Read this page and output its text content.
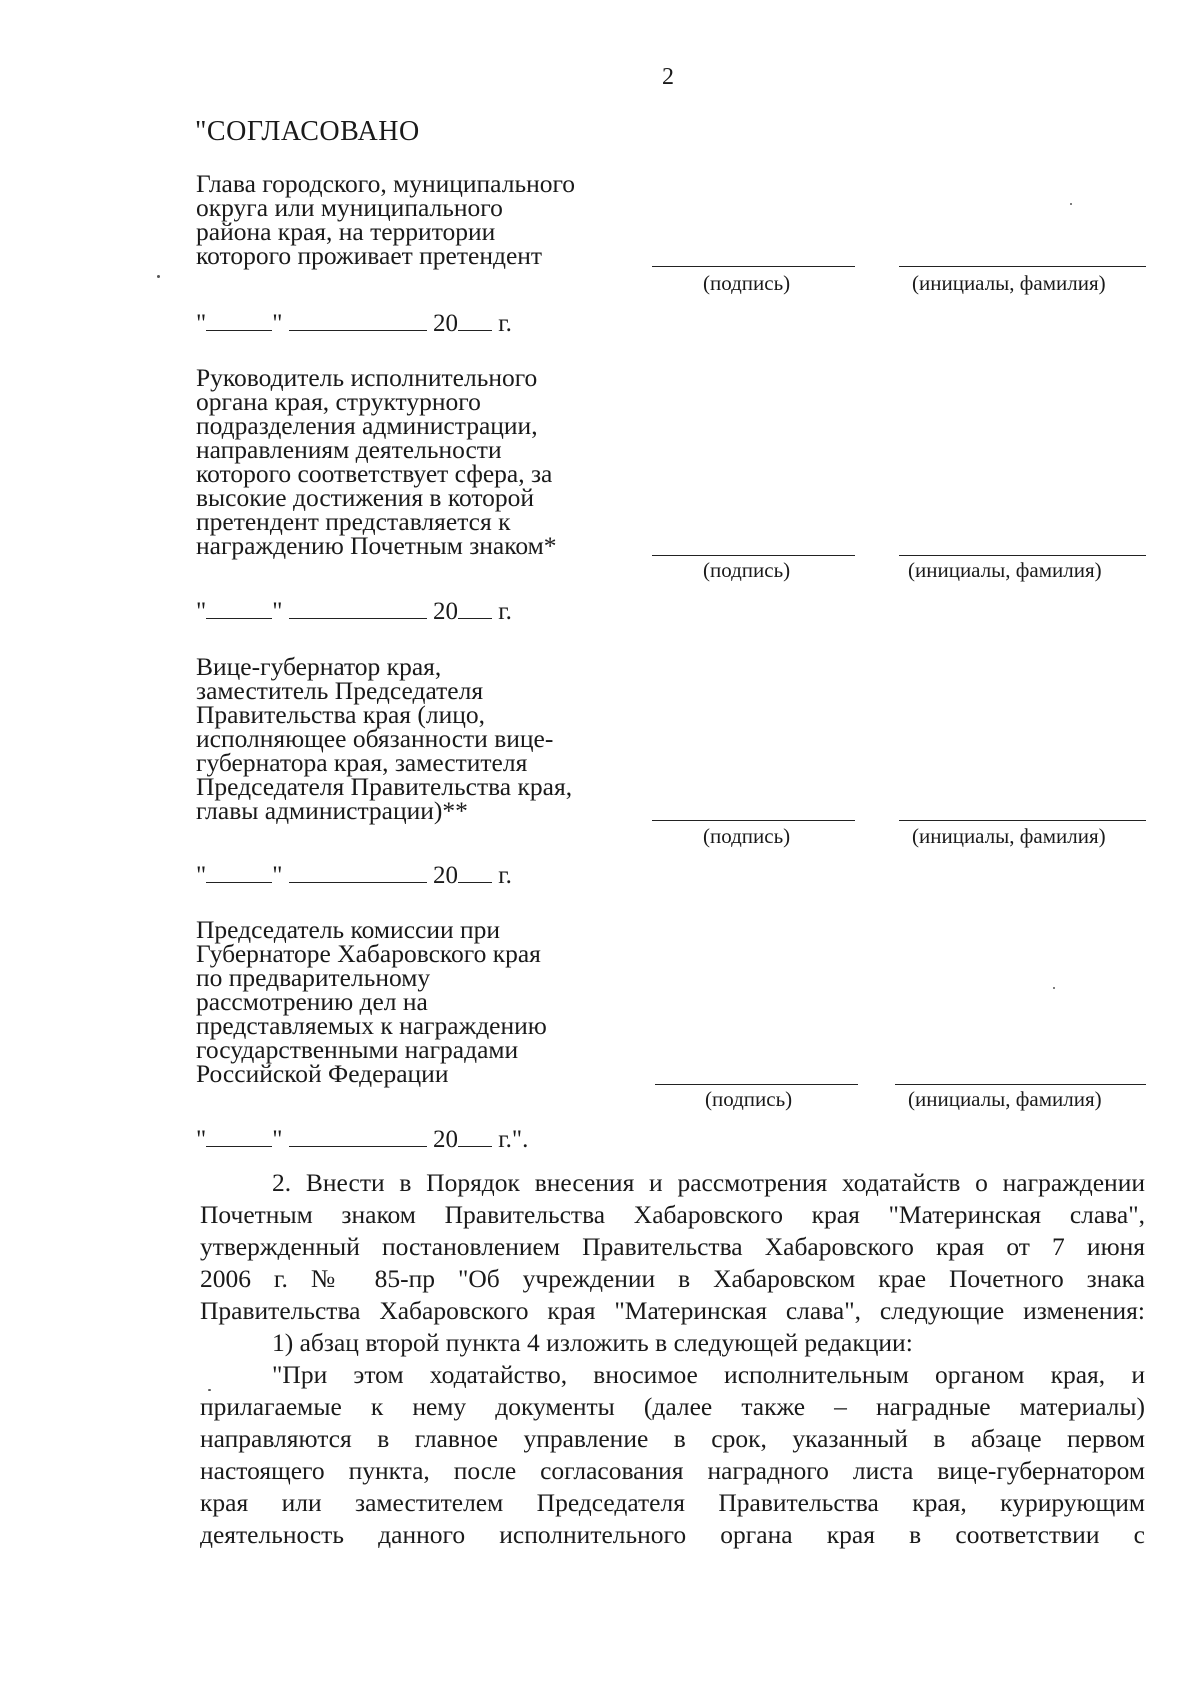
2
"СОГЛАСОВАНО
Глава городского, муниципального
округа или муниципального
района края, на территории
которого проживает претендент
(подпись)	(инициалы, фамилия)
"	"	20 г.
Руководитель исполнительного
органа края, структурного
подразделения администрации,
направлениям деятельности
которого соответствует сфера, за
высокие достижения в которой
претендент представляется к
награждению Почетным знаком*
(подпись)	(инициалы, фамилия)
"	"	20 г.
Вице-губернатор края,
заместитель Председателя
Правительства края (лицо,
исполняющее обязанности вице-
губернатора края, заместителя
Председателя Правительства края,
главы администрации)**
(подпись)	(инициалы, фамилия)
"	"	20 г.
Председатель комиссии при
Губернаторе Хабаровского края
по предварительному
рассмотрению дел на
представляемых к награждению
государственными наградами
Российской Федерации
(подпись)	(инициалы, фамилия)
"	"	20 г.".
2. Внести в Порядок внесения и рассмотрения ходатайств о награждении
Почетным знаком Правительства Хабаровского края "Материнская слава",
утвержденный постановлением Правительства Хабаровского края от 7 июня
2006 г. № 85-пр "Об учреждении в Хабаровском крае Почетного знака
Правительства Хабаровского края "Материнская слава", следующие изменения:
1) абзац второй пункта 4 изложить в следующей редакции:
"При этом ходатайство, вносимое исполнительным органом края, и
прилагаемые к нему документы (далее также – наградные материалы)
направляются в главное управление в срок, указанный в абзаце первом
настоящего пункта, после согласования наградного листа вице-губернатором
края или заместителем Председателя Правительства края, курирующим
деятельность данного исполнительного органа края в соответствии с
